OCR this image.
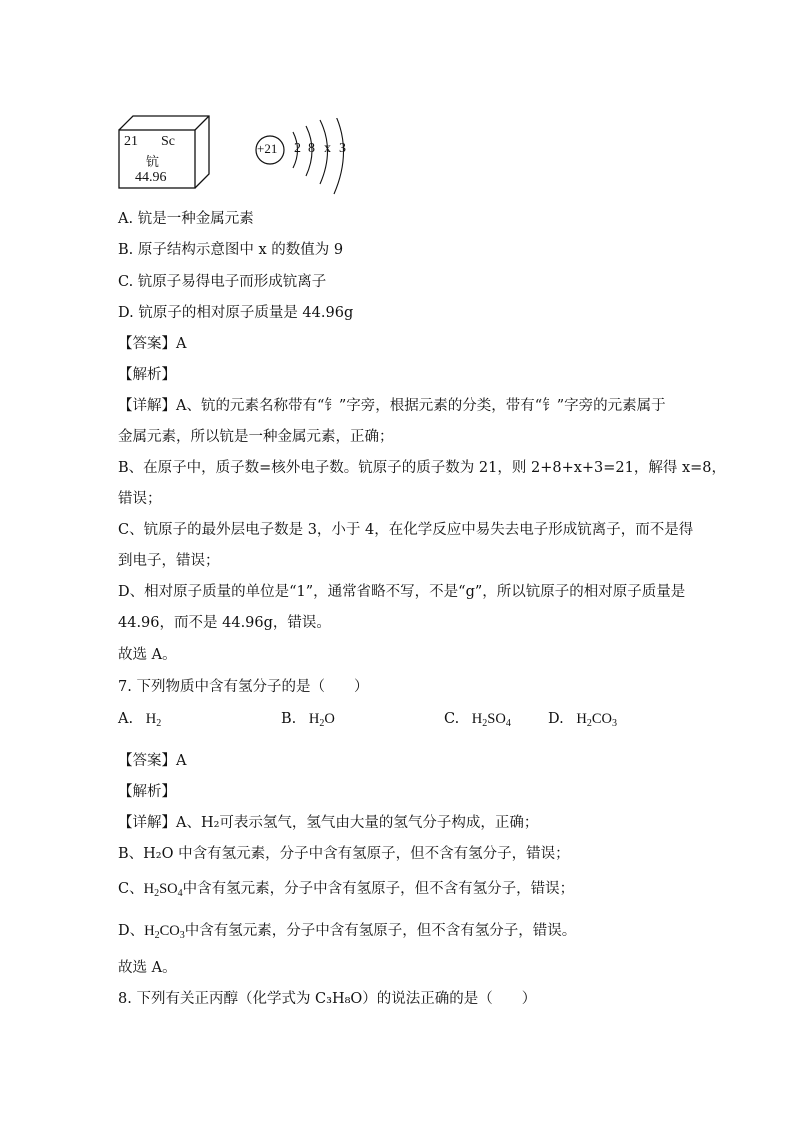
21 Sc
钪
44.96
+21 2 8 x 3
A. 钪是一种金属元素
B. 原子结构示意图中 x 的数值为 9
C. 钪原子易得电子而形成钪离子
D. 钪原子的相对原子质量是 44.96g
【答案】A
【解析】
【详解】A、钪的元素名称带有“钅”字旁，根据元素的分类，带有“钅”字旁的元素属于
金属元素，所以钪是一种金属元素，正确；
B、在原子中，质子数=核外电子数。钪原子的质子数为 21，则 2+8+x+3=21，解得 x=8，
错误；
C、钪原子的最外层电子数是 3，小于 4，在化学反应中易失去电子形成钪离子，而不是得
到电子，错误；
D、相对原子质量的单位是“1”，通常省略不写，不是“g”，所以钪原子的相对原子质量是
44.96，而不是 44.96g，错误。
故选 A。
7. 下列物质中含有氢分子的是（　　）
A. $H_2$	B. $H_2O$	C. $H_2SO_4$	D. $H_2CO_3$
【答案】A
【解析】
【详解】A、H₂可表示氢气，氢气由大量的氢气分子构成，正确；
B、H₂O 中含有氢元素，分子中含有氢原子，但不含有氢分子，错误；
C、$H_2SO_4$中含有氢元素，分子中含有氢原子，但不含有氢分子，错误；
D、$H_2CO_3$中含有氢元素，分子中含有氢原子，但不含有氢分子，错误。
故选 A。
8. 下列有关正丙醇（化学式为 C₃H₈O）的说法正确的是（　　）
